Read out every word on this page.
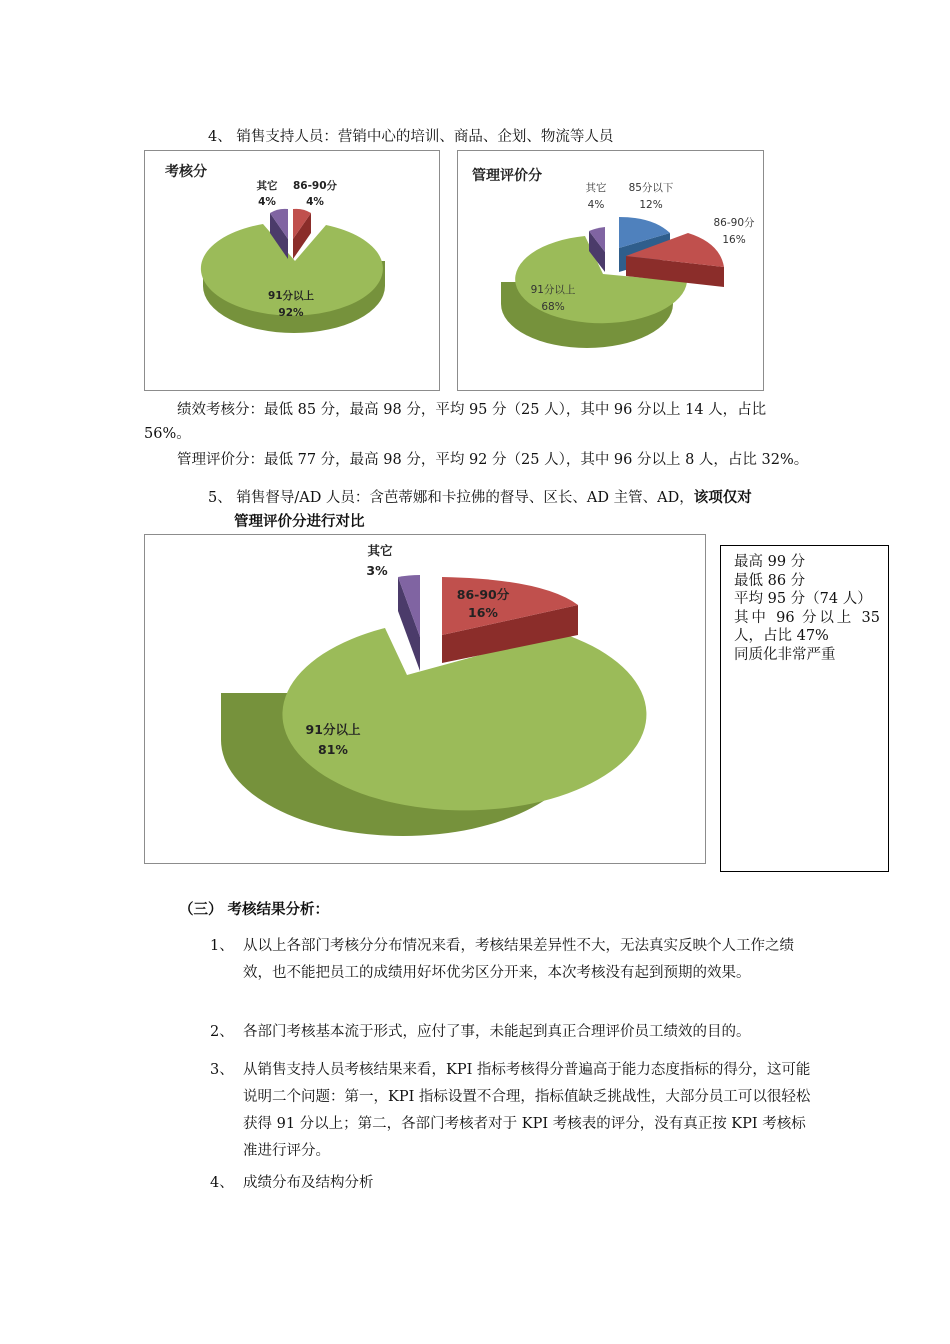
4、 销售支持人员：营销中心的培训、商品、企划、物流等人员
其它
4%
86-90分
4%
91分以上
92%
考核分
其它
4%
85分以下
12%
86-90分
16%
91分以上
68%
管理评价分
绩效考核分：最低 85 分，最高 98 分，平均 95 分（25 人），其中 96 分以上 14 人，占比
56%。
管理评价分：最低 77 分，最高 98 分，平均 92 分（25 人），其中 96 分以上 8 人，占比 32%。
5、 销售督导/AD 人员：含芭蒂娜和卡拉佛的督导、区长、AD 主管、AD，该项仅对
管理评价分进行对比
其它
3%
86-90分
16%
91分以上
81%
最高 99 分
最低 86 分
平均 95 分（74 人）
其中 96 分以上 35 人，占比 47%
同质化非常严重
（三） 考核结果分析：
1、 从以上各部门考核分分布情况来看，考核结果差异性不大，无法真实反映个人工作之绩效，也不能把员工的成绩用好坏优劣区分开来，本次考核没有起到预期的效果。
2、 各部门考核基本流于形式，应付了事，未能起到真正合理评价员工绩效的目的。
3、 从销售支持人员考核结果来看，KPI 指标考核得分普遍高于能力态度指标的得分，这可能说明二个问题：第一，KPI 指标设置不合理，指标值缺乏挑战性，大部分员工可以很轻松获得 91 分以上；第二，各部门考核者对于 KPI 考核表的评分，没有真正按 KPI 考核标准进行评分。
4、 成绩分布及结构分析
